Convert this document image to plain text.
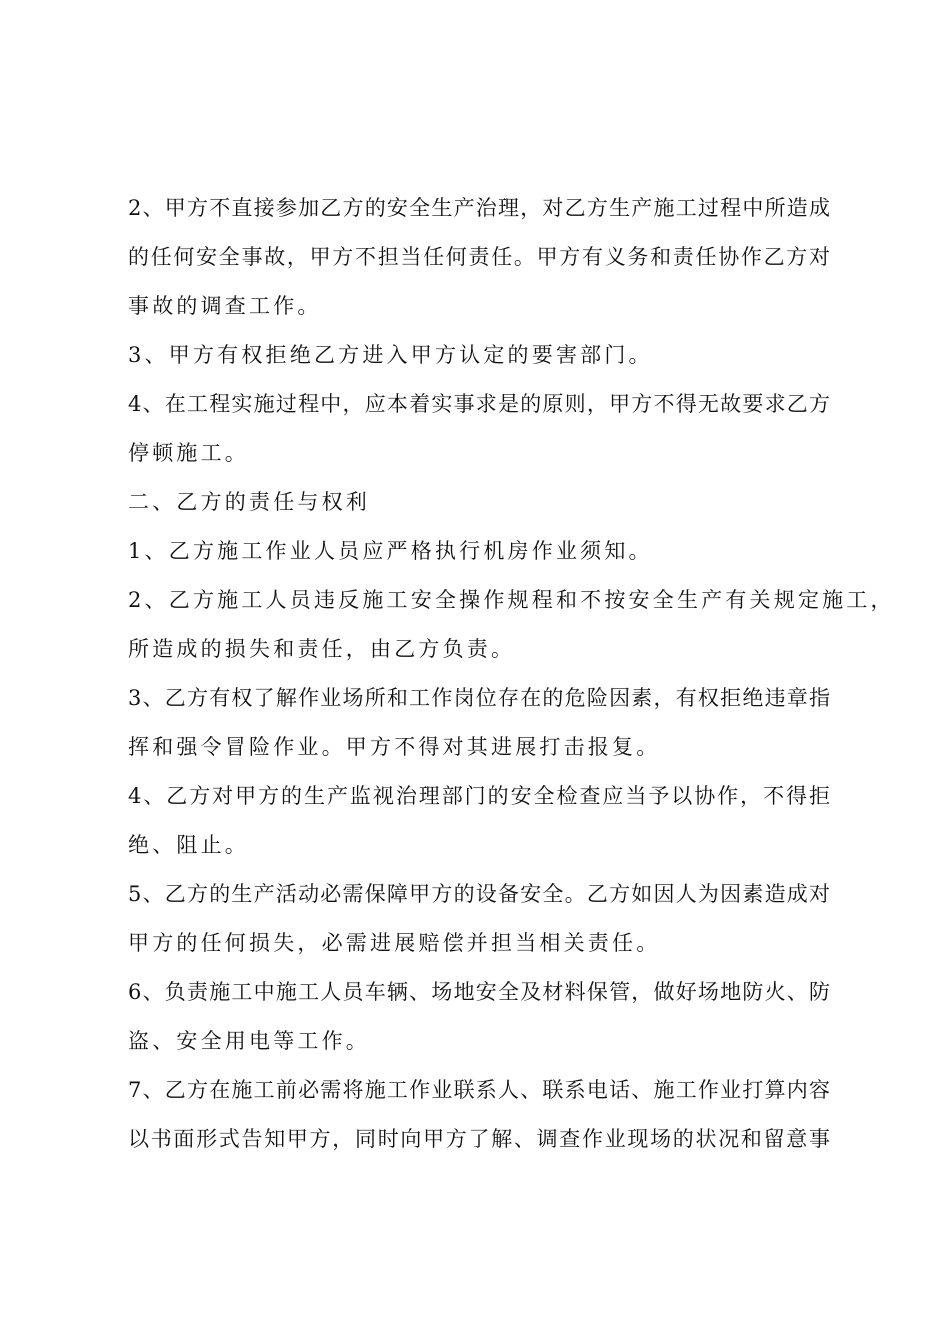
2、甲方不直接参加乙方的安全生产治理，对乙方生产施工过程中所造成
的任何安全事故，甲方不担当任何责任。甲方有义务和责任协作乙方对
事故的调查工作。
3、甲方有权拒绝乙方进入甲方认定的要害部门。
4、在工程实施过程中，应本着实事求是的原则，甲方不得无故要求乙方
停顿施工。
二、乙方的责任与权利
1、乙方施工作业人员应严格执行机房作业须知。
2、乙方施工人员违反施工安全操作规程和不按安全生产有关规定施工，
所造成的损失和责任，由乙方负责。
3、乙方有权了解作业场所和工作岗位存在的危险因素，有权拒绝违章指
挥和强令冒险作业。甲方不得对其进展打击报复。
4、乙方对甲方的生产监视治理部门的安全检查应当予以协作，不得拒
绝、阻止。
5、乙方的生产活动必需保障甲方的设备安全。乙方如因人为因素造成对
甲方的任何损失，必需进展赔偿并担当相关责任。
6、负责施工中施工人员车辆、场地安全及材料保管，做好场地防火、防
盗、安全用电等工作。
7、乙方在施工前必需将施工作业联系人、联系电话、施工作业打算内容
以书面形式告知甲方，同时向甲方了解、调查作业现场的状况和留意事
